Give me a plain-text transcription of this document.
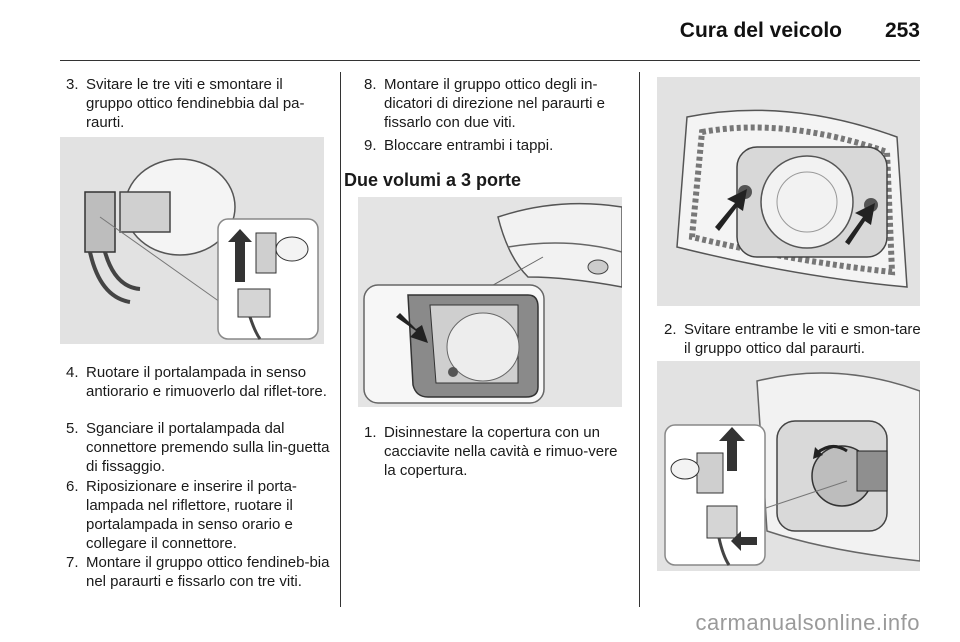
Cura del veicolo 253
3. Svitare le tre viti e smontare il gruppo ottico fendinebbia dal pa-raurti.
4. Ruotare il portalampada in senso antiorario e rimuoverlo dal riflet-tore.
5. Sganciare il portalampada dal connettore premendo sulla lin-guetta di fissaggio.
6. Riposizionare e inserire il porta-lampada nel riflettore, ruotare il portalampada in senso orario e collegare il connettore.
7. Montare il gruppo ottico fendineb-bia nel paraurti e fissarlo con tre viti.
8. Montare il gruppo ottico degli in-dicatori di direzione nel paraurti e fissarlo con due viti.
9. Bloccare entrambi i tappi.
Due volumi a 3 porte
1. Disinnestare la copertura con un cacciavite nella cavità e rimuo-vere la copertura.
2. Svitare entrambe le viti e smon-tare il gruppo ottico dal paraurti.
carmanualsonline.info
